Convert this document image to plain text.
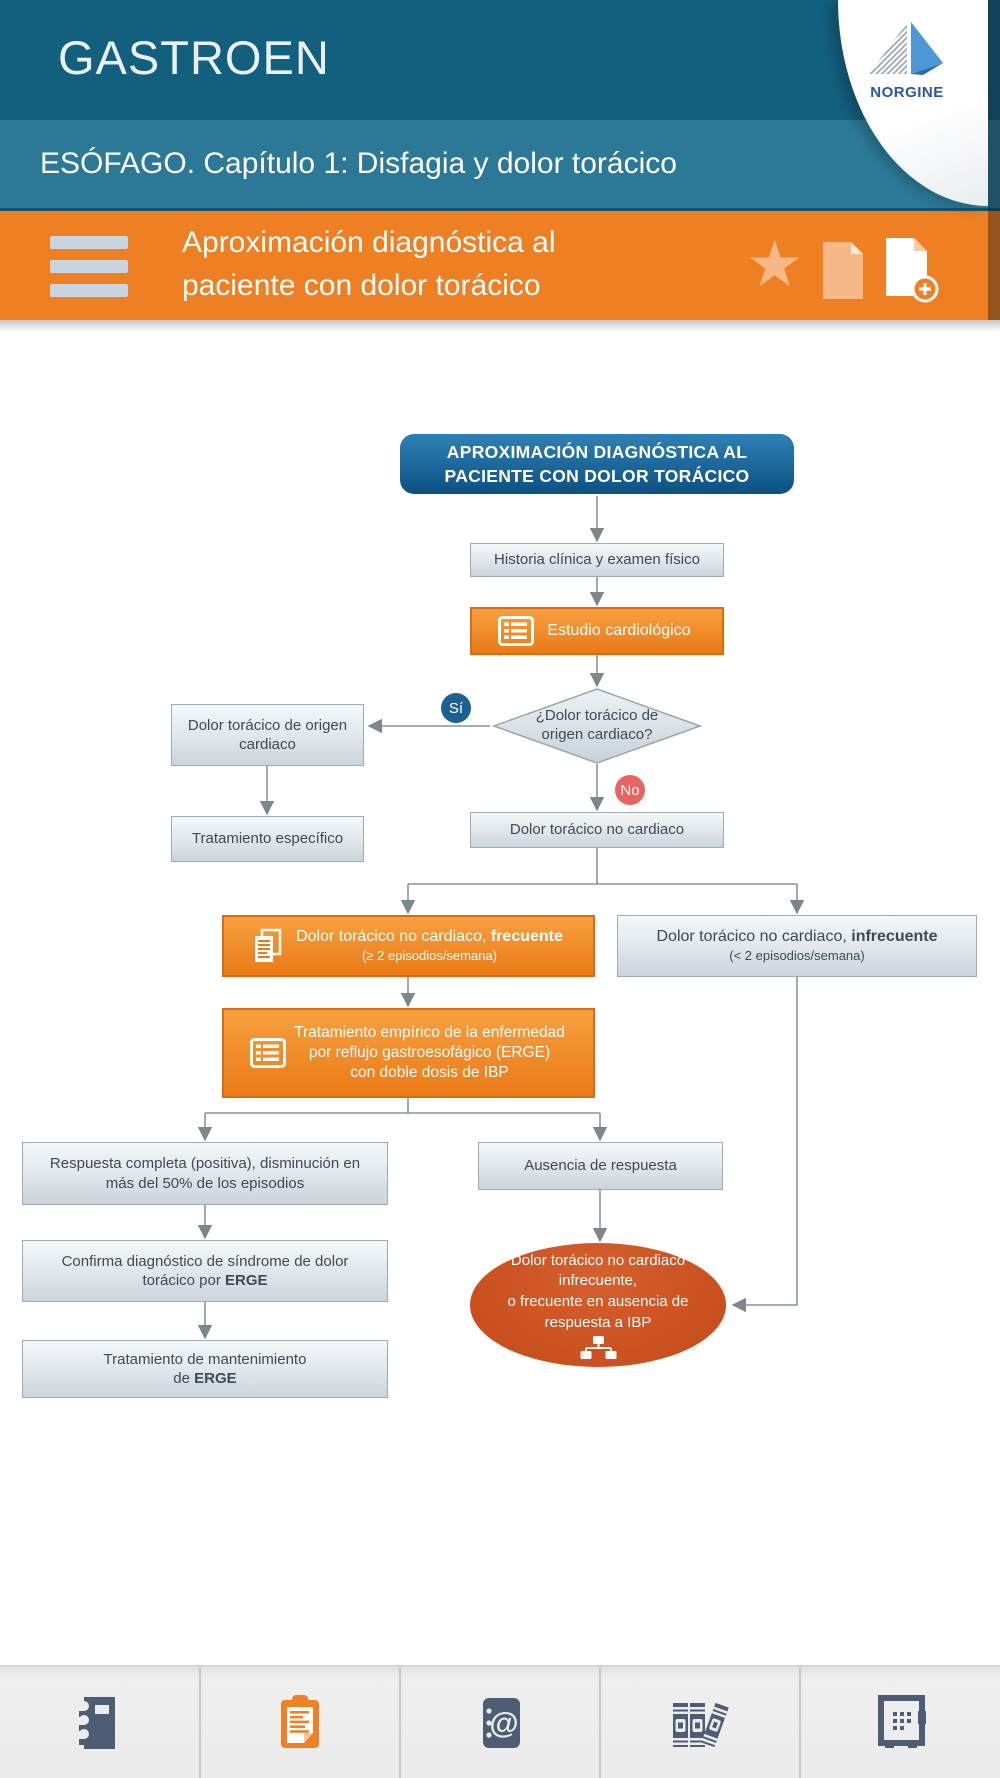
GASTROEN
NORGINE
ESÓFAGO. Capítulo 1: Disfagia y dolor torácico
Aproximación diagnóstica al paciente con dolor torácico	★
APROXIMACIÓN DIAGNÓSTICA AL PACIENTE CON DOLOR TORÁCICO
Historia clínica y examen físico
Estudio cardiológico
¿Dolor torácico de origen cardiaco?
Sí
No
Dolor torácico de origen cardiaco
Tratamiento específico
Dolor torácico no cardiaco
Dolor torácico no cardiaco, frecuente
(≥ 2 episodios/semana)
Dolor torácico no cardiaco, infrecuente
(< 2 episodios/semana)
Tratamiento empírico de la enfermedad
por reflujo gastroesofágico (ERGE)
con doble dosis de IBP
Respuesta completa (positiva), disminución en más del 50% de los episodios
Ausencia de respuesta
Confirma diagnóstico de síndrome de dolor torácico por ERGE
Tratamiento de mantenimiento
de ERGE
Dolor torácico no cardiaco
infrecuente,
o frecuente en ausencia de
respuesta a IBP
@
